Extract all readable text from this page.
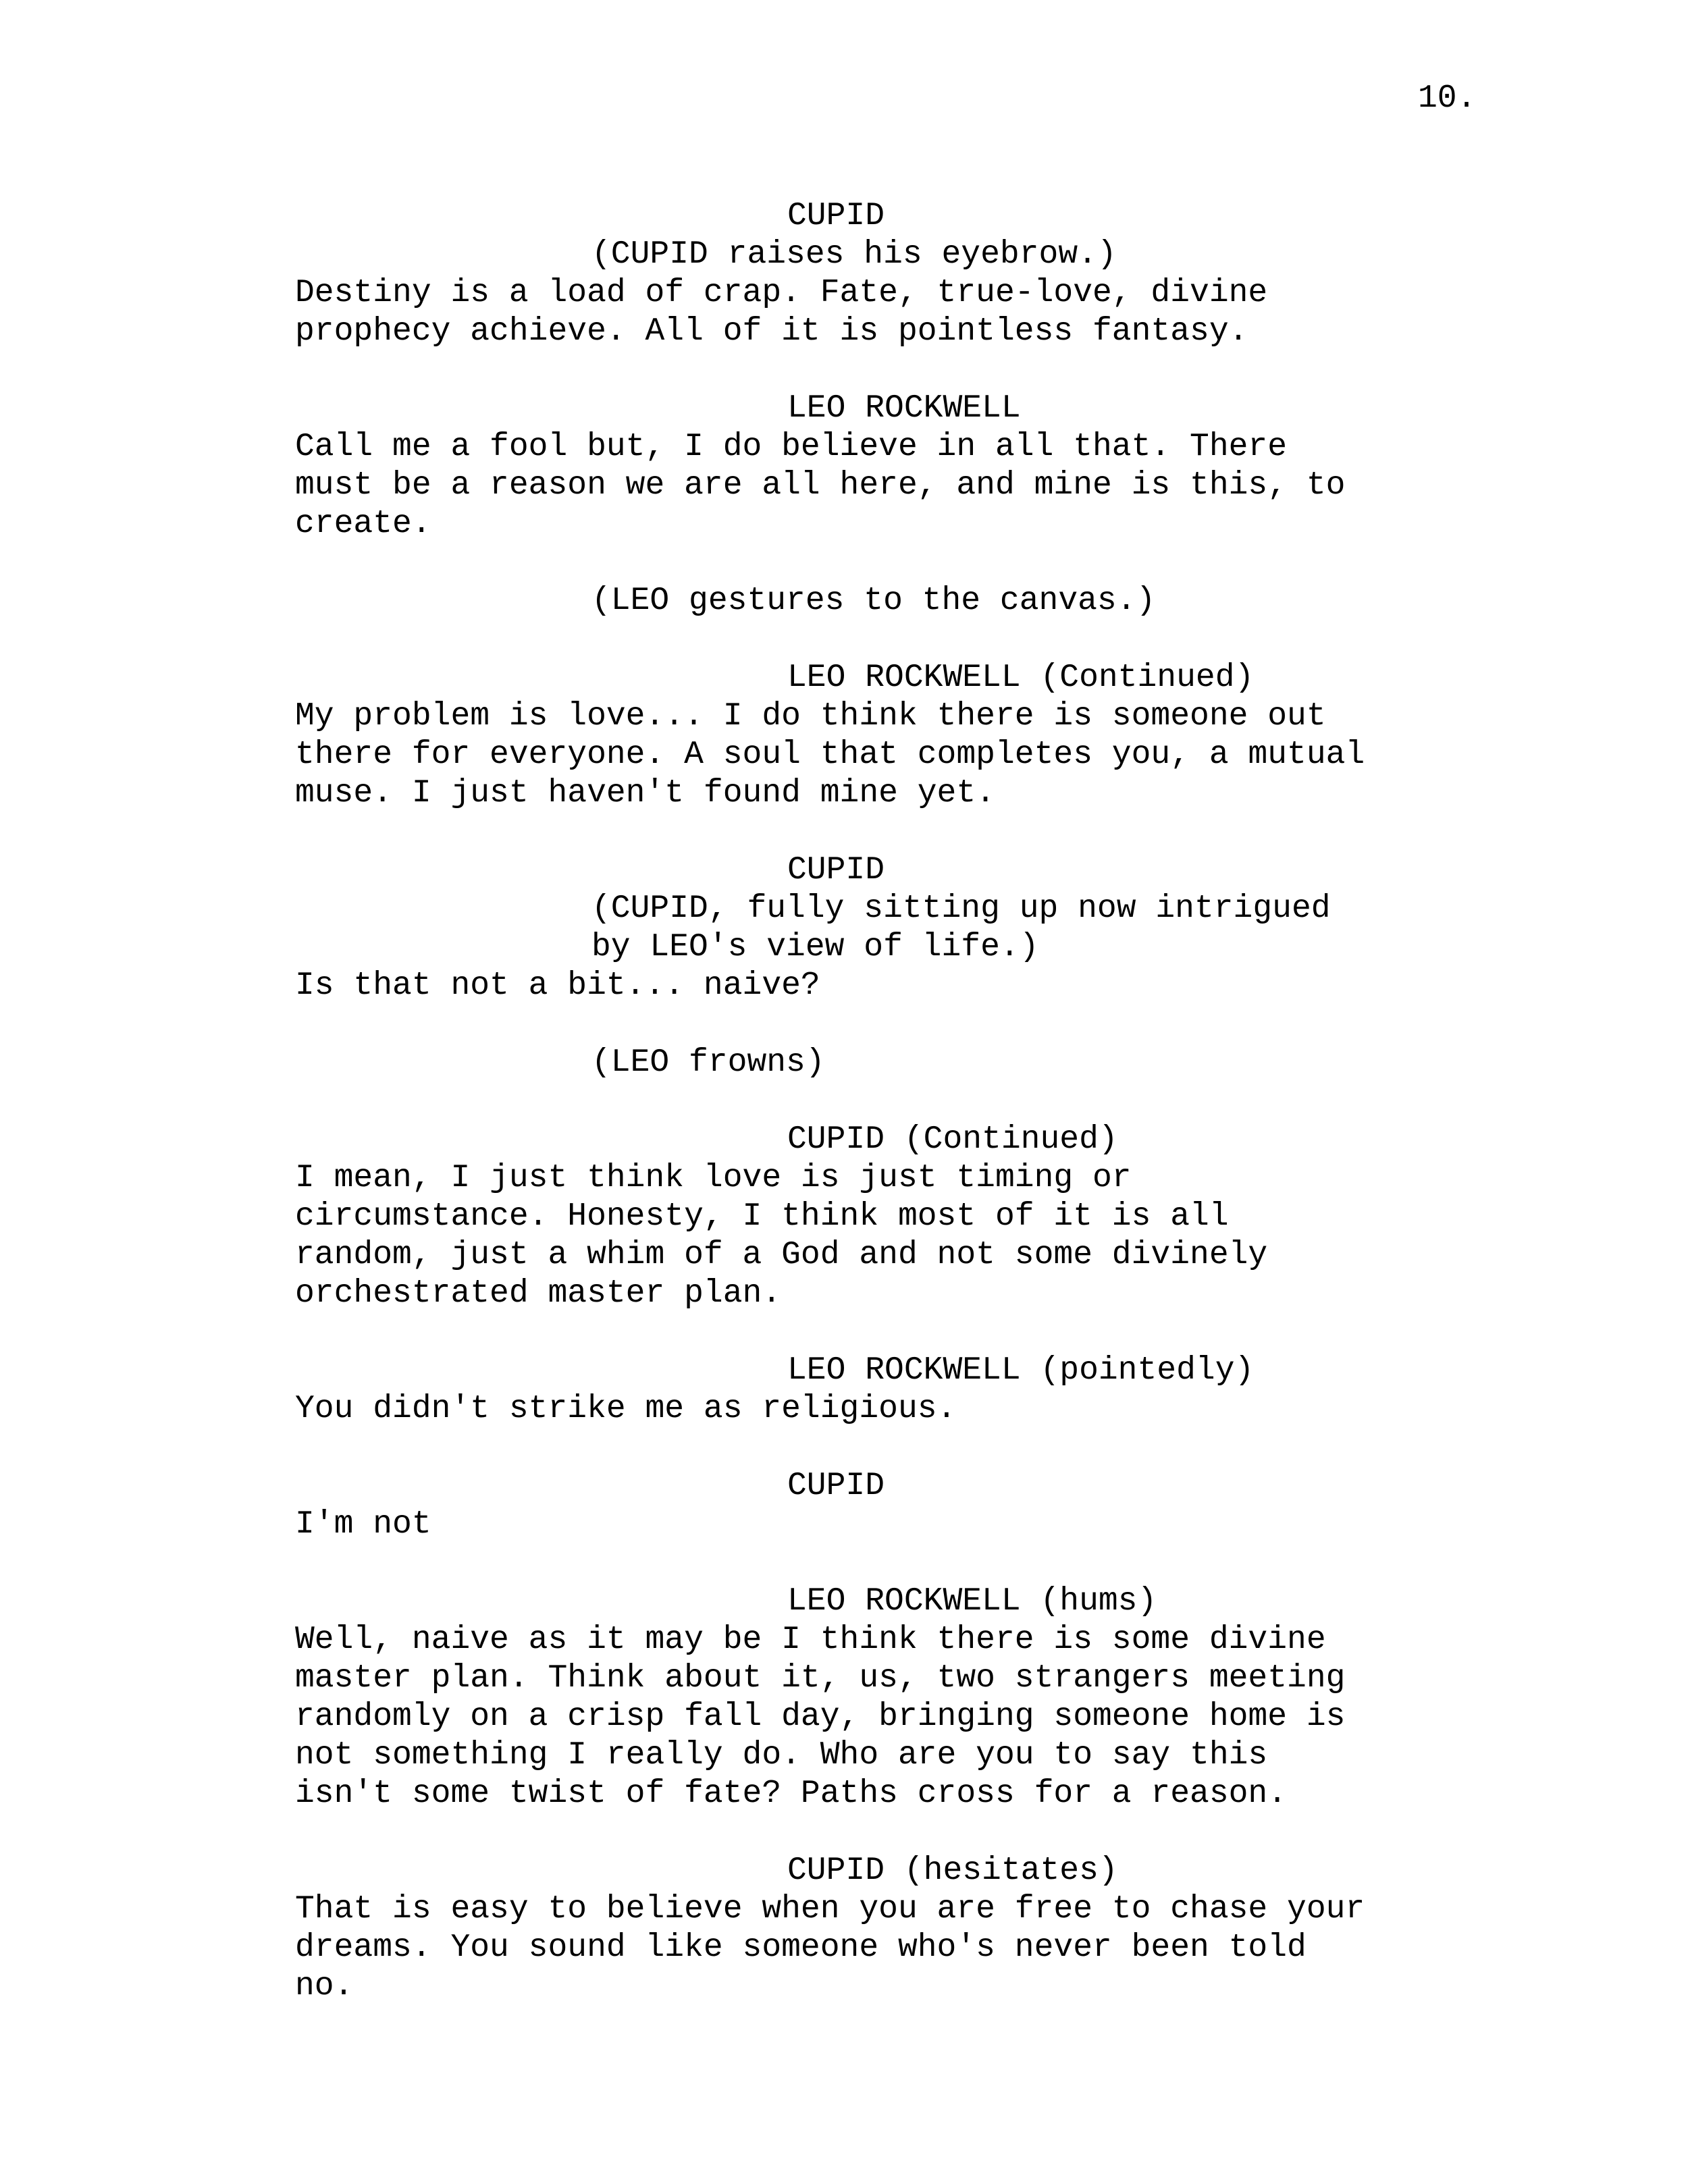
10.
CUPID
(CUPID raises his eyebrow.)
Destiny is a load of crap. Fate, true-love, divine
prophecy achieve. All of it is pointless fantasy.
LEO ROCKWELL
Call me a fool but, I do believe in all that. There
must be a reason we are all here, and mine is this, to
create.
(LEO gestures to the canvas.)
LEO ROCKWELL (Continued)
My problem is love... I do think there is someone out
there for everyone. A soul that completes you, a mutual
muse. I just haven't found mine yet.
CUPID
(CUPID, fully sitting up now intrigued
by LEO's view of life.)
Is that not a bit... naive?
(LEO frowns)
CUPID (Continued)
I mean, I just think love is just timing or
circumstance. Honesty, I think most of it is all
random, just a whim of a God and not some divinely
orchestrated master plan.
LEO ROCKWELL (pointedly)
You didn't strike me as religious.
CUPID
I'm not
LEO ROCKWELL (hums)
Well, naive as it may be I think there is some divine
master plan. Think about it, us, two strangers meeting
randomly on a crisp fall day, bringing someone home is
not something I really do. Who are you to say this
isn't some twist of fate? Paths cross for a reason.
CUPID (hesitates)
That is easy to believe when you are free to chase your
dreams. You sound like someone who's never been told
no.
